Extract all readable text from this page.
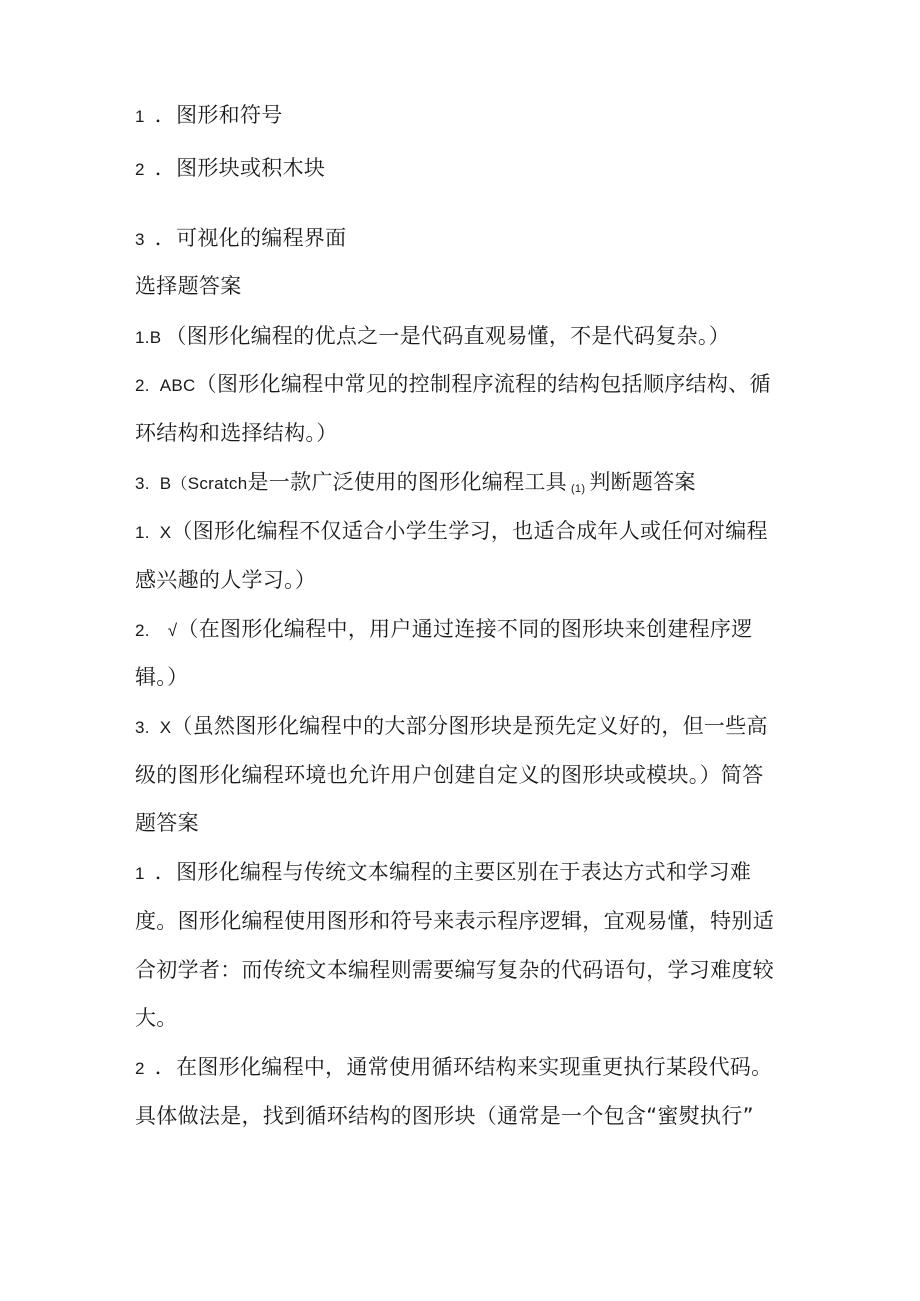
1 ．图形和符号
2 ．图形块或积木块
3 ．可视化的编程界面
选择题答案
1.B （图形化编程的优点之一是代码直观易懂，不是代码复杂。）
2. ABC（图形化编程中常见的控制程序流程的结构包括顺序结构、循
环结构和选择结构。）
3. B（Scratch是一款广泛使用的图形化编程工具 $_{(1)}$ 判断题答案
1. X（图形化编程不仅适合小学生学习，也适合成年人或任何对编程
感兴趣的人学习。）
2. √（在图形化编程中，用户通过连接不同的图形块来创建程序逻
辑。）
3. X（虽然图形化编程中的大部分图形块是预先定义好的，但一些高
级的图形化编程环境也允许用户创建自定义的图形块或模块。）简答
题答案
1 ．图形化编程与传统文本编程的主要区别在于表达方式和学习难
度。图形化编程使用图形和符号来表示程序逻辑，宜观易懂，特别适
合初学者：而传统文本编程则需要编写复杂的代码语句，学习难度较
大。
2 ．在图形化编程中，通常使用循环结构来实现重更执行某段代码。
具体做法是，找到循环结构的图形块（通常是一个包含“蜜熨执行”
